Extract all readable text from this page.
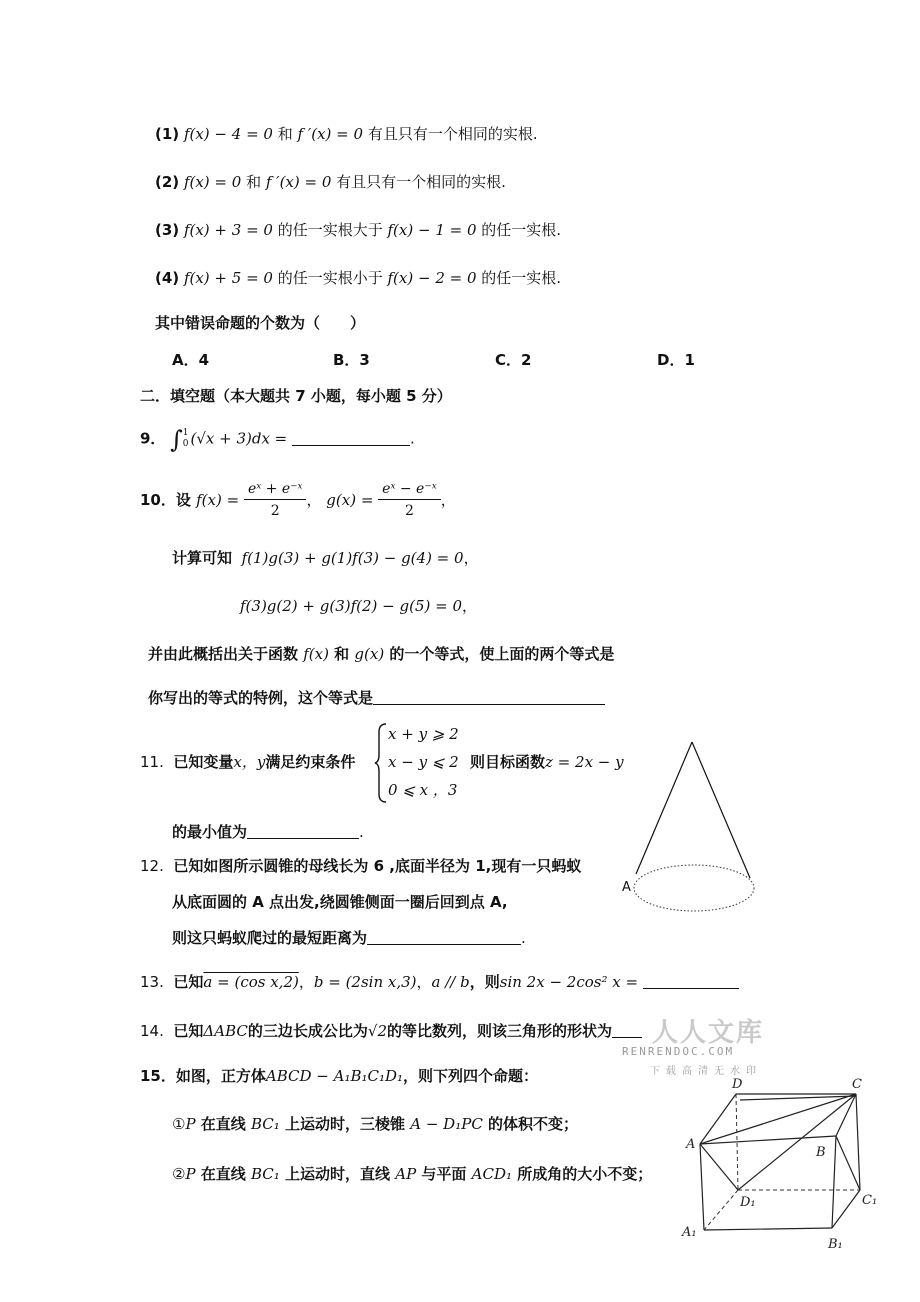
(1) f(x) − 4 = 0 和 f ′(x) = 0 有且只有一个相同的实根.
(2) f(x) = 0 和 f ′(x) = 0 有且只有一个相同的实根.
(3) f(x) + 3 = 0 的任一实根大于 f(x) − 1 = 0 的任一实根.
(4) f(x) + 5 = 0 的任一实根小于 f(x) − 2 = 0 的任一实根.
其中错误命题的个数为（　　）
A．4	B．3	C．2	D．1
二．填空题（本大题共 7 小题，每小题 5 分）
9． ∫ 1
0 (√x + 3)dx =	.
10．设 $f(x) = \frac{\text{eˣ + e⁻ˣ}}{2}$ ， $g(x) = \frac{\text{eˣ − e⁻ˣ}}{2}$ ，
计算可知 f(1)g(3) + g(1)f(3) − g(4) = 0，
f(3)g(2) + g(3)f(2) − g(5) = 0，
并由此概括出关于函数 f(x) 和 g(x) 的一个等式，使上面的两个等式是
你写出的等式的特例，这个等式是
11. 已知变量x，y满足约束条件
x + y ⩾ 2
x − y ⩽ 2
0 ⩽ x ，3
则目标函数z = 2x − y
的最小值为	.
A
12. 已知如图所示圆锥的母线长为 6 ,底面半径为 1,现有一只蚂蚁
从底面圆的 A 点出发,绕圆锥侧面一圈后回到点 A,
则这只蚂蚁爬过的最短距离为	.
13. 已知a = (cos x,2)，b = (2sin x,3)，a // b，则sin 2x − 2cos² x =
14. 已知ΔABC的三边长成公比为√2的等比数列，则该三角形的形状为	人人文库
RENRENDOC.COM
下载高清无水印
15．如图，正方体ABCD − A₁B₁C₁D₁，则下列四个命题：
①P 在直线 BC₁ 上运动时，三棱锥 A − D₁PC 的体积不变；
②P 在直线 BC₁ 上运动时，直线 AP 与平面 ACD₁ 所成角的大小不变；
D	C
A
B
D₁	C₁
A₁
B₁
